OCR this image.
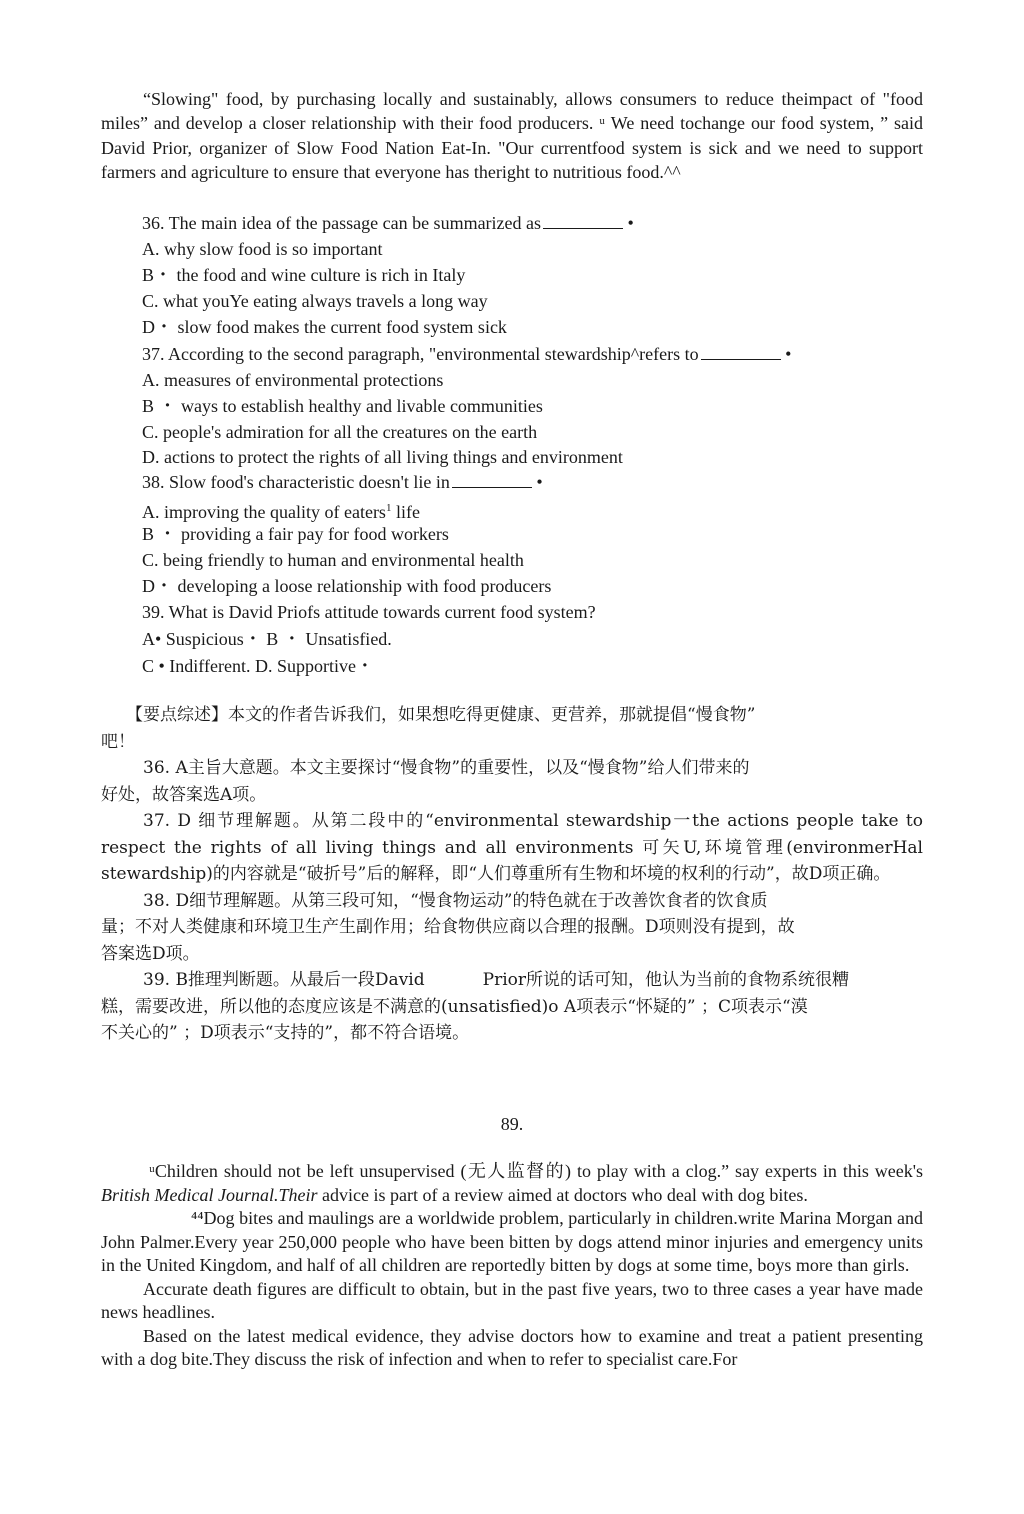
“Slowing" food, by purchasing locally and sustainably, allows consumers to reduce theimpact of "food miles” and develop a closer relationship with their food producers. ᵘ We need tochange our food system, ” said David Prior, organizer of Slow Food Nation Eat-In. "Our currentfood system is sick and we need to support farmers and agriculture to ensure that everyone has theright to nutritious food.^^

36. The main idea of the passage can be summarized as	•
A. why slow food is so important
B・ the food and wine culture is rich in Italy
C. what youYe eating always travels a long way
D・ slow food makes the current food system sick
37. According to the second paragraph, "environmental stewardship^refers to	•
A. measures of environmental protections
B ・ ways to establish healthy and livable communities
C. people's admiration for all the creatures on the earth
D. actions to protect the rights of all living things and environment
38. Slow food's characteristic doesn't lie in	•
A. improving the quality of eaters$^1$ life
B ・ providing a fair pay for food workers
C. being friendly to human and environmental health
D・ developing a loose relationship with food producers
39. What is David Priofs attitude towards current food system?
A• Suspicious・ B ・ Unsatisfied.
C • Indifferent. D. Supportive・

【要点综述】本文的作者告诉我们，如果想吃得更健康、更营养，那就提倡“慢食物”

吧！

36. A主旨大意题。本文主要探讨“慢食物”的重要性，以及“慢食物”给人们带来的

好处，故答案选A项。

37. D 细节理解题。从第二段中的“environmental stewardship一the actions people take to respect the rights of all living things and all environments 可矢U,环境管理(environmerHal stewardship)的内容就是“破折号”后的解释，即“人们尊重所有生物和坏境的权利的行动”，故D项正确。

38. D细节理解题。从第三段可知，“慢食物运动”的特色就在于改善饮食者的饮食质

量；不对人类健康和环境卫生产生副作用；给食物供应商以合理的报酬。D项则没有提到，故

答案选D项。

39. B推理判断题。从最后一段David	Prior所说的话可知，他认为当前的食物系统很糟

糕，需要改进，所以他的态度应该是不满意的(unsatisfied)o A项表示“怀疑的” ；C项表示“漠

不关心的” ；D项表示“支持的”，都不符合语境。

89.

ᵘChildren should not be left unsupervised (无人监督的) to play with a clog.” say experts in this week's British Medical Journal.Their advice is part of a review aimed at doctors who deal with dog bites.

⁴⁴Dog bites and maulings are a worldwide problem, particularly in children.write Marina Morgan and John Palmer.Every year 250,000 people who have been bitten by dogs attend minor injuries and emergency units in the United Kingdom, and half of all children are reportedly bitten by dogs at some time, boys more than girls.

Accurate death figures are difficult to obtain, but in the past five years, two to three cases a year have made news headlines.

Based on the latest medical evidence, they advise doctors how to examine and treat a patient presenting with a dog bite.They discuss the risk of infection and when to refer to specialist care.For
